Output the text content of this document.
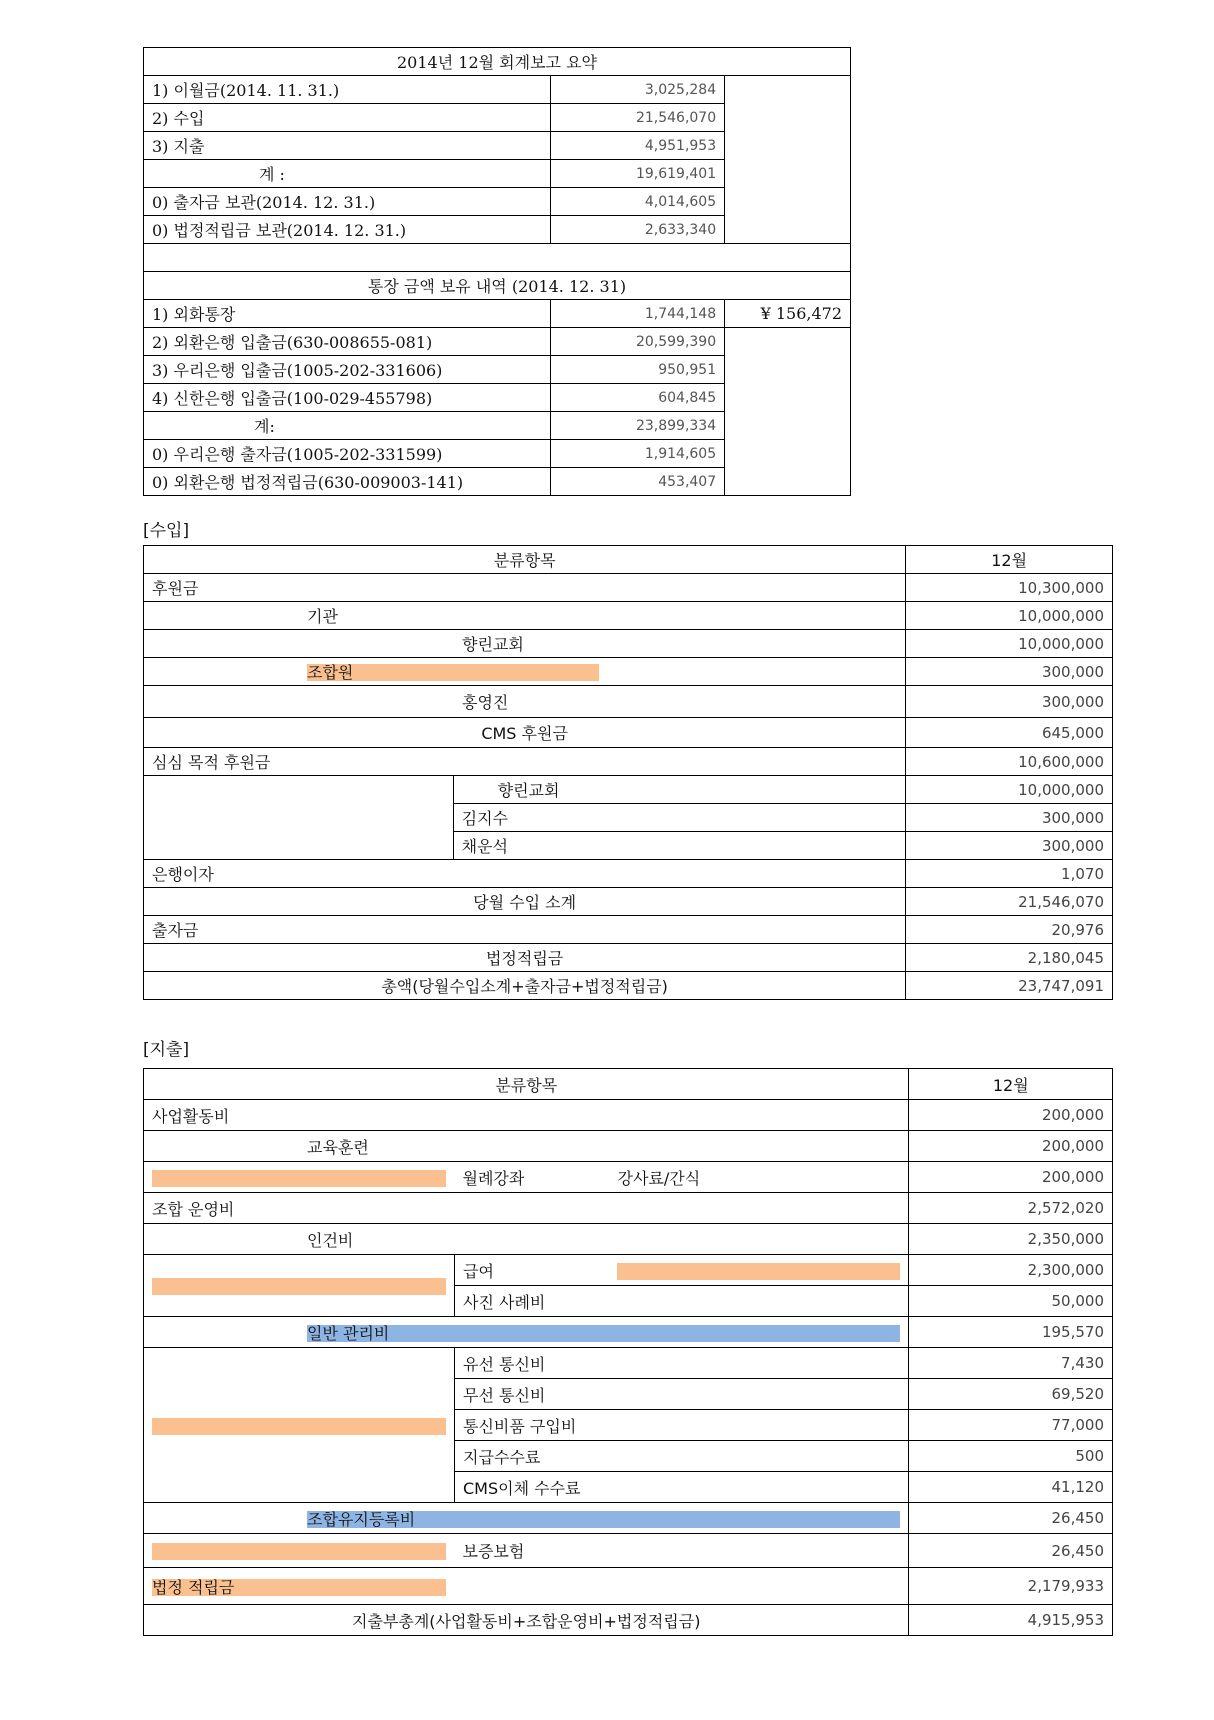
2014년 12월 회계보고 요약		
1) 이월금(2014. 11. 31.)	3,025,284	
2) 수입	21,546,070	
3) 지출	4,951,953	
계 :	19,619,401	
0) 출자금 보관(2014. 12. 31.)	4,014,605	
0) 법정적립금 보관(2014. 12. 31.)	2,633,340	

통장 금액 보유 내역 (2014. 12. 31)		
1) 외화통장	1,744,148	¥ 156,472
2) 외환은행 입출금(630-008655-081)	20,599,390	
3) 우리은행 입출금(1005-202-331606)	950,951	
4) 신한은행 입출금(100-029-455798)	604,845	
계:	23,899,334	
0) 우리은행 출자금(1005-202-331599)	1,914,605	
0) 외환은행 법정적립금(630-009003-141)	453,407	
[수입]
분류항목		12월
후원금		10,300,000
기관		10,000,000
향린교회		10,000,000
조합원		300,000
홍영진		300,000
CMS 후원금		645,000
심심 목적 후원금		10,600,000
	향린교회	10,000,000
	김지수	300,000
	채운석	300,000
은행이자		1,070
당월 수입 소계		21,546,070
출자금		20,976
법정적립금		2,180,045
총액(당월수입소계+출자금+법정적립금)		23,747,091
[지출]
분류항목			12월
사업활동비			200,000
교육훈련			200,000
	월례강좌	강사료/간식	200,000
조합 운영비			2,572,020
인건비			2,350,000
	급여		2,300,000
	사진 사례비		50,000
일반 관리비			195,570
	유선 통신비		7,430
	무선 통신비		69,520
	통신비품 구입비		77,000
	지급수수료		500
	CMS이체 수수료		41,120
조합유지등록비			26,450
	보증보험		26,450
법정 적립금			2,179,933
지출부총계(사업활동비+조합운영비+법정적립금)			4,915,953
